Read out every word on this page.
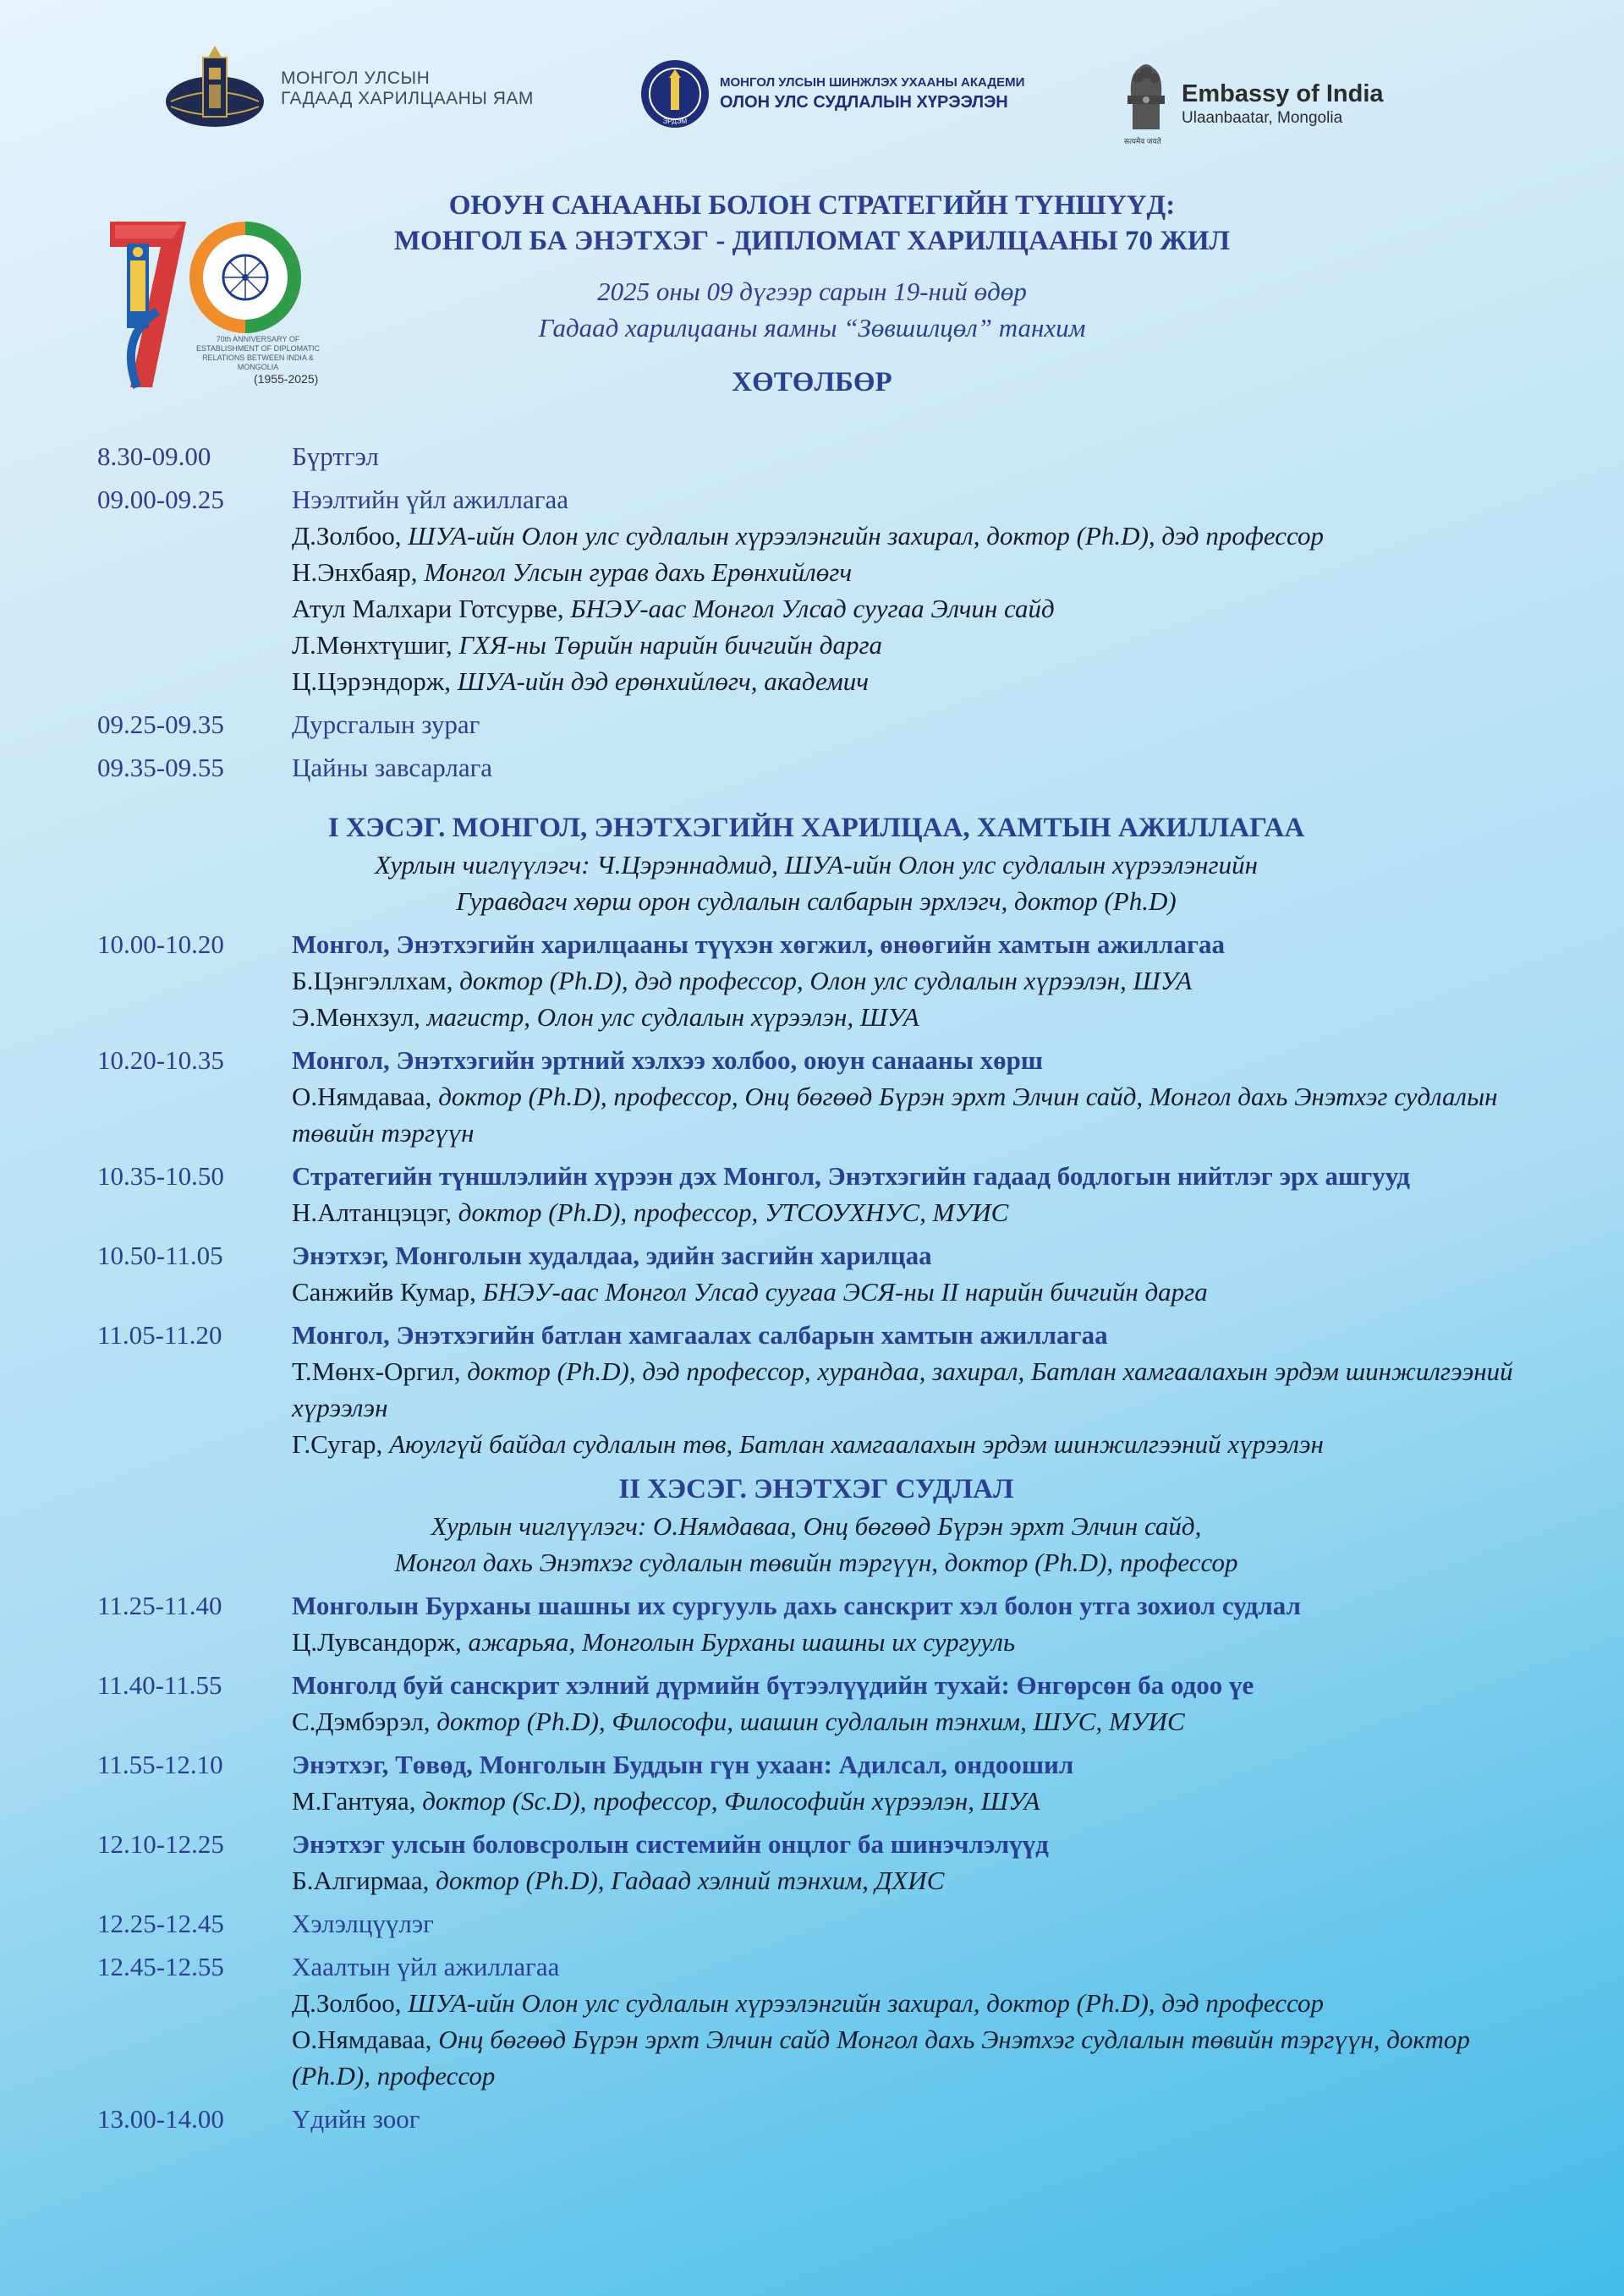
МОНГОЛ УЛСЫН
ГАДААД ХАРИЛЦААНЫ ЯАМ
ЭРДЭМ
МОНГОЛ УЛСЫН ШИНЖЛЭХ УХААНЫ АКАДЕМИ
ОЛОН УЛС СУДЛАЛЫН ХҮРЭЭЛЭН
सत्यमेव जयते
Embassy of India
Ulaanbaatar, Mongolia
70th ANNIVERSARY OF ESTABLISHMENT OF DIPLOMATIC RELATIONS BETWEEN INDIA & MONGOLIA
(1955-2025)
ОЮУН САНААНЫ БОЛОН СТРАТЕГИЙН ТҮНШҮҮД:
МОНГОЛ БА ЭНЭТХЭГ - ДИПЛОМАТ ХАРИЛЦААНЫ 70 ЖИЛ
2025 оны 09 дүгээр сарын 19-ний өдөр
Гадаад харилцааны яамны “Зөвшилцөл” танхим
ХӨТӨЛБӨР
8.30-09.00	Бүртгэл
09.00-09.25	Нээлтийн үйл ажиллагаа
Д.Золбоо, ШУА-ийн Олон улс судлалын хүрээлэнгийн захирал, доктор (Ph.D), дэд профессор
Н.Энхбаяр, Монгол Улсын гурав дахь Ерөнхийлөгч
Атул Малхари Готсурве, БНЭУ-аас Монгол Улсад суугаа Элчин сайд
Л.Мөнхтүшиг, ГХЯ-ны Төрийн нарийн бичгийн дарга
Ц.Цэрэндорж, ШУА-ийн дэд ерөнхийлөгч, академич
09.25-09.35	Дурсгалын зураг
09.35-09.55	Цайны завсарлага
I ХЭСЭГ. МОНГОЛ, ЭНЭТХЭГИЙН ХАРИЛЦАА, ХАМТЫН АЖИЛЛАГАА
Хурлын чиглүүлэгч: Ч.Цэрэннадмид, ШУА-ийн Олон улс судлалын хүрээлэнгийн
Гуравдагч хөрш орон судлалын салбарын эрхлэгч, доктор (Ph.D)
10.00-10.20	Монгол, Энэтхэгийн харилцааны түүхэн хөгжил, өнөөгийн хамтын ажиллагаа
Б.Цэнгэллхам, доктор (Ph.D), дэд профессор, Олон улс судлалын хүрээлэн, ШУА
Э.Мөнхзул, магистр, Олон улс судлалын хүрээлэн, ШУА
10.20-10.35	Монгол, Энэтхэгийн эртний хэлхээ холбоо, оюун санааны хөрш
О.Нямдаваа, доктор (Ph.D), профессор, Онц бөгөөд Бүрэн эрхт Элчин сайд, Монгол дахь Энэтхэг судлалын төвийн тэргүүн
10.35-10.50	Стратегийн түншлэлийн хүрээн дэх Монгол, Энэтхэгийн гадаад бодлогын нийтлэг эрх ашгууд
Н.Алтанцэцэг, доктор (Ph.D), профессор, УТСОУХНУС, МУИС
10.50-11.05	Энэтхэг, Монголын худалдаа, эдийн засгийн харилцаа
Санжийв Кумар, БНЭУ-аас Монгол Улсад суугаа ЭСЯ-ны II нарийн бичгийн дарга
11.05-11.20	Монгол, Энэтхэгийн батлан хамгаалах салбарын хамтын ажиллагаа
Т.Мөнх-Оргил, доктор (Ph.D), дэд профессор, хурандаа, захирал, Батлан хамгаалахын эрдэм шинжилгээний хүрээлэн
Г.Сугар, Аюулгүй байдал судлалын төв, Батлан хамгаалахын эрдэм шинжилгээний хүрээлэн
II ХЭСЭГ. ЭНЭТХЭГ СУДЛАЛ
Хурлын чиглүүлэгч: О.Нямдаваа, Онц бөгөөд Бүрэн эрхт Элчин сайд,
Монгол дахь Энэтхэг судлалын төвийн тэргүүн, доктор (Ph.D), профессор
11.25-11.40	Монголын Бурханы шашны их сургууль дахь санскрит хэл болон утга зохиол судлал
Ц.Лувсандорж, ажарьяа, Монголын Бурханы шашны их сургууль
11.40-11.55	Монголд буй санскрит хэлний дүрмийн бүтээлүүдийн тухай: Өнгөрсөн ба одоо үе
С.Дэмбэрэл, доктор (Ph.D), Философи, шашин судлалын тэнхим, ШУС, МУИС
11.55-12.10	Энэтхэг, Төвөд, Монголын Буддын гүн ухаан: Адилсал, ондоошил
М.Гантуяа, доктор (Sc.D), профессор, Философийн хүрээлэн, ШУА
12.10-12.25	Энэтхэг улсын боловсролын системийн онцлог ба шинэчлэлүүд
Б.Алгирмаа, доктор (Ph.D), Гадаад хэлний тэнхим, ДХИС
12.25-12.45	Хэлэлцүүлэг
12.45-12.55	Хаалтын үйл ажиллагаа
Д.Золбоо, ШУА-ийн Олон улс судлалын хүрээлэнгийн захирал, доктор (Ph.D), дэд профессор
О.Нямдаваа, Онц бөгөөд Бүрэн эрхт Элчин сайд Монгол дахь Энэтхэг судлалын төвийн тэргүүн, доктор (Ph.D), профессор
13.00-14.00	Үдийн зоог
